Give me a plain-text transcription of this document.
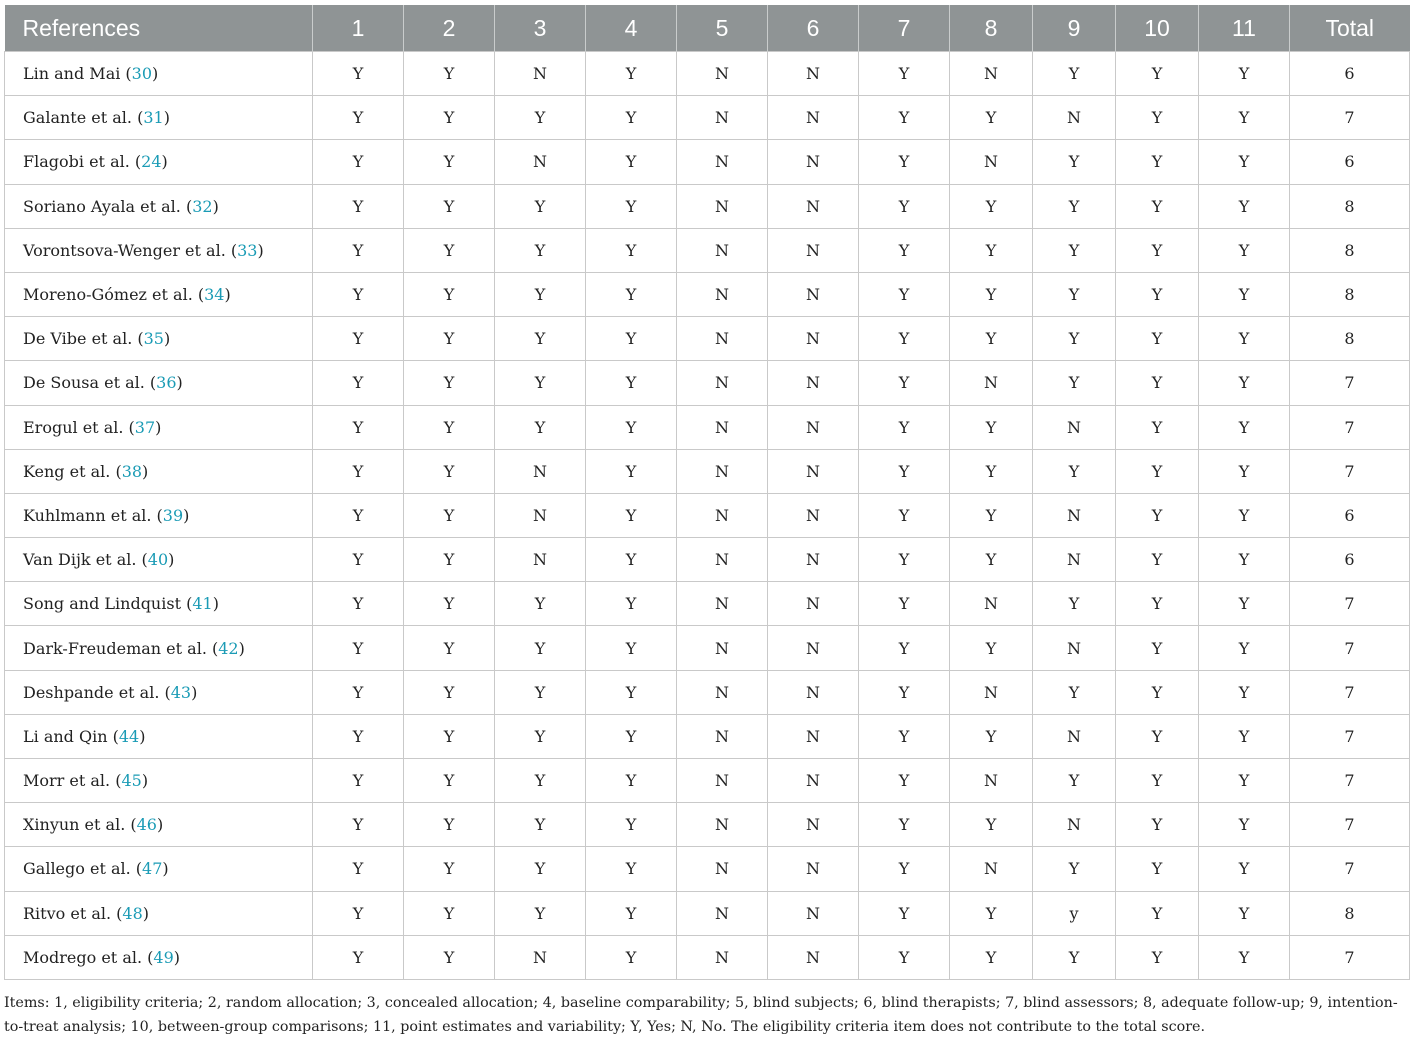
References	1	2	3	4	5	6	7	8	9	10	11	Total
Lin and Mai (30)	Y	Y	N	Y	N	N	Y	N	Y	Y	Y	6
Galante et al. (31)	Y	Y	Y	Y	N	N	Y	Y	N	Y	Y	7
Flagobi et al. (24)	Y	Y	N	Y	N	N	Y	N	Y	Y	Y	6
Soriano Ayala et al. (32)	Y	Y	Y	Y	N	N	Y	Y	Y	Y	Y	8
Vorontsova-Wenger et al. (33)	Y	Y	Y	Y	N	N	Y	Y	Y	Y	Y	8
Moreno-Gómez et al. (34)	Y	Y	Y	Y	N	N	Y	Y	Y	Y	Y	8
De Vibe et al. (35)	Y	Y	Y	Y	N	N	Y	Y	Y	Y	Y	8
De Sousa et al. (36)	Y	Y	Y	Y	N	N	Y	N	Y	Y	Y	7
Erogul et al. (37)	Y	Y	Y	Y	N	N	Y	Y	N	Y	Y	7
Keng et al. (38)	Y	Y	N	Y	N	N	Y	Y	Y	Y	Y	7
Kuhlmann et al. (39)	Y	Y	N	Y	N	N	Y	Y	N	Y	Y	6
Van Dijk et al. (40)	Y	Y	N	Y	N	N	Y	Y	N	Y	Y	6
Song and Lindquist (41)	Y	Y	Y	Y	N	N	Y	N	Y	Y	Y	7
Dark-Freudeman et al. (42)	Y	Y	Y	Y	N	N	Y	Y	N	Y	Y	7
Deshpande et al. (43)	Y	Y	Y	Y	N	N	Y	N	Y	Y	Y	7
Li and Qin (44)	Y	Y	Y	Y	N	N	Y	Y	N	Y	Y	7
Morr et al. (45)	Y	Y	Y	Y	N	N	Y	N	Y	Y	Y	7
Xinyun et al. (46)	Y	Y	Y	Y	N	N	Y	Y	N	Y	Y	7
Gallego et al. (47)	Y	Y	Y	Y	N	N	Y	N	Y	Y	Y	7
Ritvo et al. (48)	Y	Y	Y	Y	N	N	Y	Y	y	Y	Y	8
Modrego et al. (49)	Y	Y	N	Y	N	N	Y	Y	Y	Y	Y	7
Items: 1, eligibility criteria; 2, random allocation; 3, concealed allocation; 4, baseline comparability; 5, blind subjects; 6, blind therapists; 7, blind assessors; 8, adequate follow-up; 9, intention-to-treat analysis; 10, between-group comparisons; 11, point estimates and variability; Y, Yes; N, No. The eligibility criteria item does not contribute to the total score.
